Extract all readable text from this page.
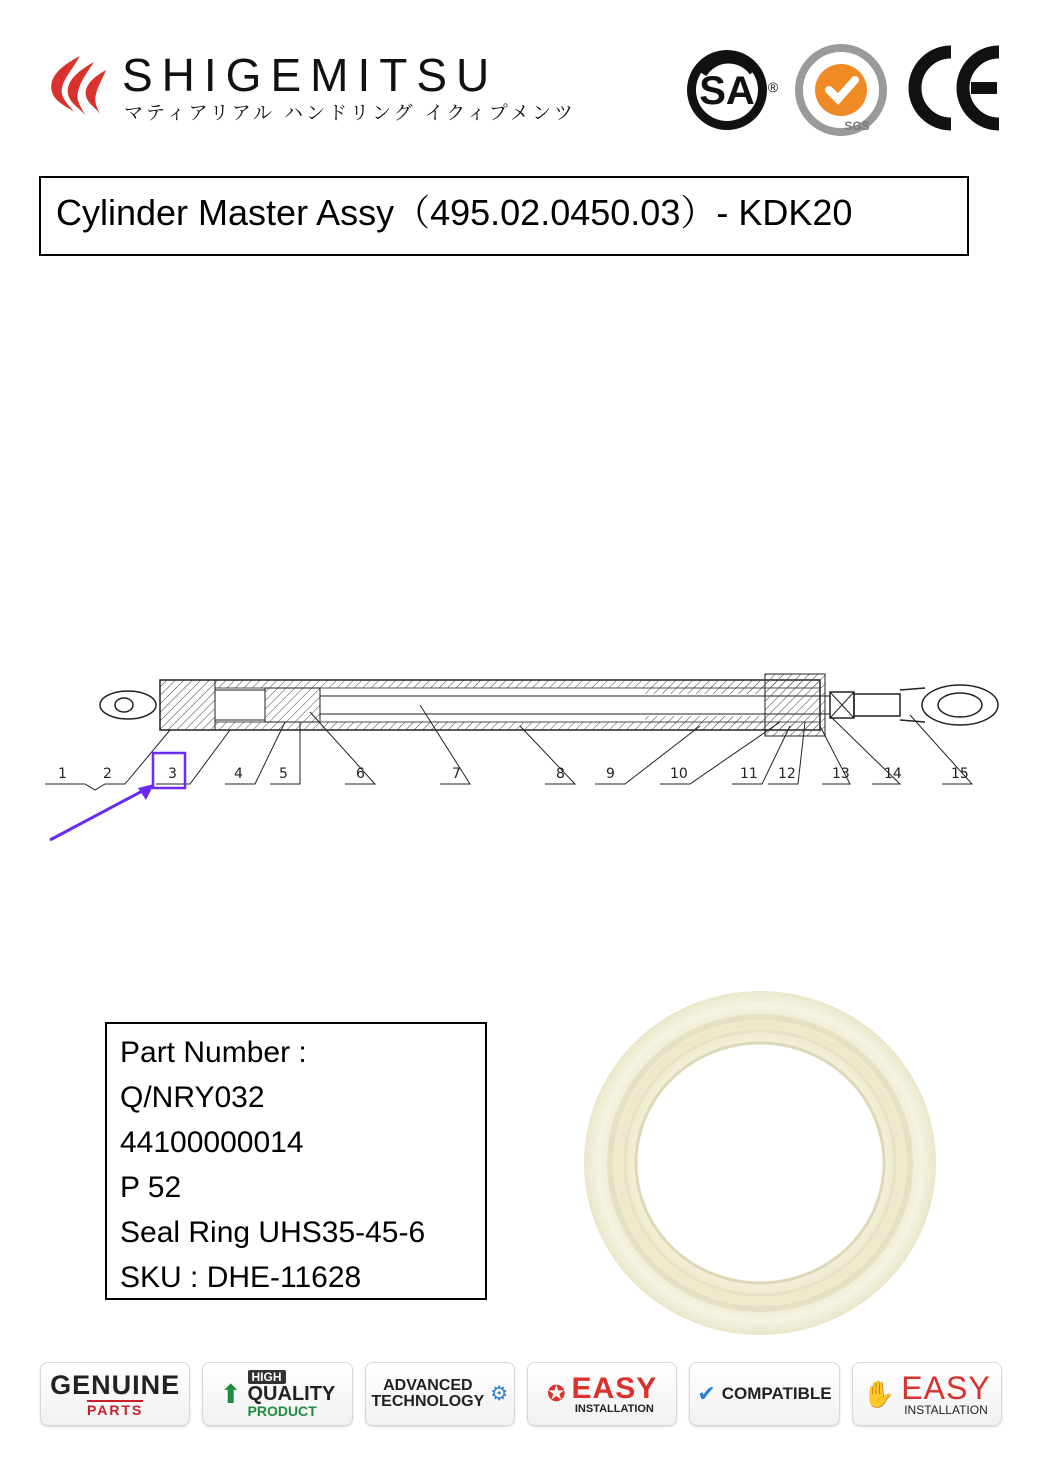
SHIGEMITSU
マティアリアル ハンドリング イクィプメンツ	SA ®
SGS
Cylinder Master Assy（495.02.0450.03）- KDK20
1	2	3	4	5	6	7	8	9	10	11 12	13 14	15
Part Number :
Q/NRY032
44100000014
P 52
Seal Ring UHS35-45-6
SKU : DHE-11628
GENUINE
PARTS
⬆
HIGH
QUALITY
PRODUCT
ADVANCED
TECHNOLOGY ⚙ ✪ EASY
INSTALLATION
✔ COMPATIBLE ✋ EASY
INSTALLATION
